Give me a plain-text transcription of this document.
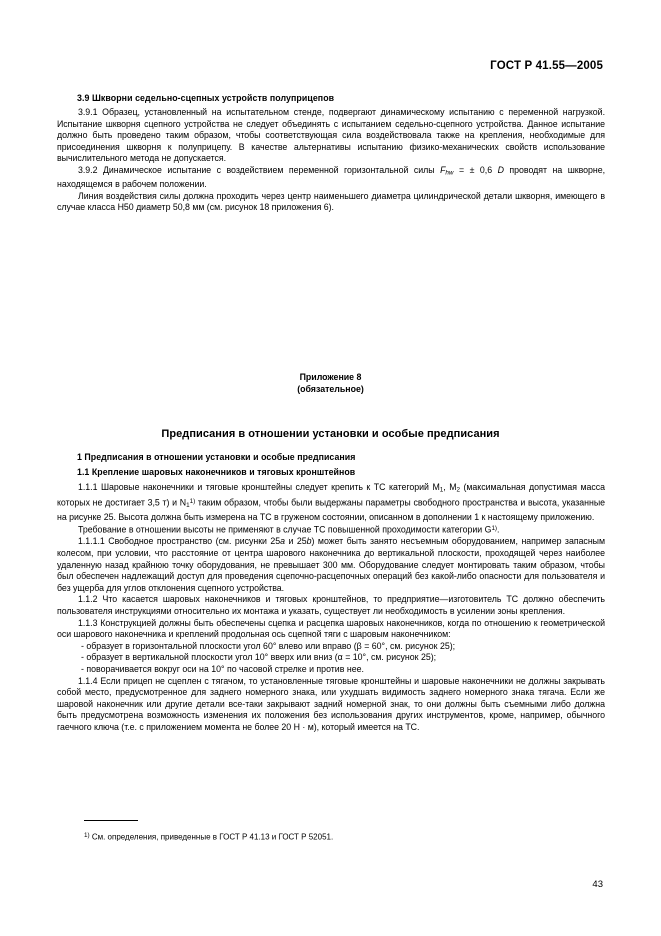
ГОСТ Р 41.55—2005
3.9 Шкворни седельно-сцепных устройств полуприцепов

3.9.1 Образец, установленный на испытательном стенде, подвергают динамическому испытанию с переменной нагрузкой. Испытание шкворня сцепного устройства не следует объединять с испытанием седельно-сцепного устройства. Данное испытание должно быть проведено таким образом, чтобы соответствующая сила воздействовала также на крепления, необходимые для присоединения шкворня к полуприцепу. В качестве альтернативы испытанию физико-механических свойств использование вычислительного метода не допускается.

3.9.2 Динамическое испытание с воздействием переменной горизонтальной силы $F_{hw}$ = ± 0,6 D проводят на шкворне, находящемся в рабочем положении.

Линия воздействия силы должна проходить через центр наименьшего диаметра цилиндрической детали шкворня, имеющего в случае класса Н50 диаметр 50,8 мм (см. рисунок 18 приложения 6).

Приложение 8
(обязательное)
Предписания в отношении установки и особые предписания
1 Предписания в отношении установки и особые предписания
1.1 Крепление шаровых наконечников и тяговых кронштейнов

1.1.1 Шаровые наконечники и тяговые кронштейны следует крепить к ТС категорий $М_1$, $М_2$ (максимальная допустимая масса которых не достигает 3,5 т) и $N_1^{1)}$ таким образом, чтобы были выдержаны параметры свободного пространства и высота, указанные на рисунке 25. Высота должна быть измерена на ТС в груженом состоянии, описанном в дополнении 1 к настоящему приложению.

Требование в отношении высоты не применяют в случае ТС повышенной проходимости категории $G^{1)}$.

1.1.1.1 Свободное пространство (см. рисунки 25a и 25b) может быть занято несъемным оборудованием, например запасным колесом, при условии, что расстояние от центра шарового наконечника до вертикальной плоскости, проходящей через наиболее удаленную назад крайнюю точку оборудования, не превышает 300 мм. Оборудование следует монтировать таким образом, чтобы был обеспечен надлежащий доступ для проведения сцепочно-расцепочных операций без какой-либо опасности для пользователя и без ущерба для углов отклонения сцепного устройства.

1.1.2 Что касается шаровых наконечников и тяговых кронштейнов, то предприятие—изготовитель ТС должно обеспечить пользователя инструкциями относительно их монтажа и указать, существует ли необходимость в усилении зоны крепления.

1.1.3 Конструкцией должны быть обеспечены сцепка и расцепка шаровых наконечников, когда по отношению к геометрической оси шарового наконечника и креплений продольная ось сцепной тяги с шаровым наконечником:

- образует в горизонтальной плоскости угол 60° влево или вправо (β = 60°, см. рисунок 25);

- образует в вертикальной плоскости угол 10° вверх или вниз (α = 10°, см. рисунок 25);

- поворачивается вокруг оси на 10° по часовой стрелке и против нее.

1.1.4 Если прицеп не сцеплен с тягачом, то установленные тяговые кронштейны и шаровые наконечники не должны закрывать собой место, предусмотренное для заднего номерного знака, или ухудшать видимость заднего номерного знака тягача. Если же шаровой наконечник или другие детали все-таки закрывают задний номерной знак, то они должны быть съемными либо должна быть предусмотрена возможность изменения их положения без использования других инструментов, кроме, например, обычного гаечного ключа (т.е. с приложением момента не более 20 Н · м), который имеется на ТС.

$^{1)}$ См. определения, приведенные в ГОСТ Р 41.13 и ГОСТ Р 52051.
43
